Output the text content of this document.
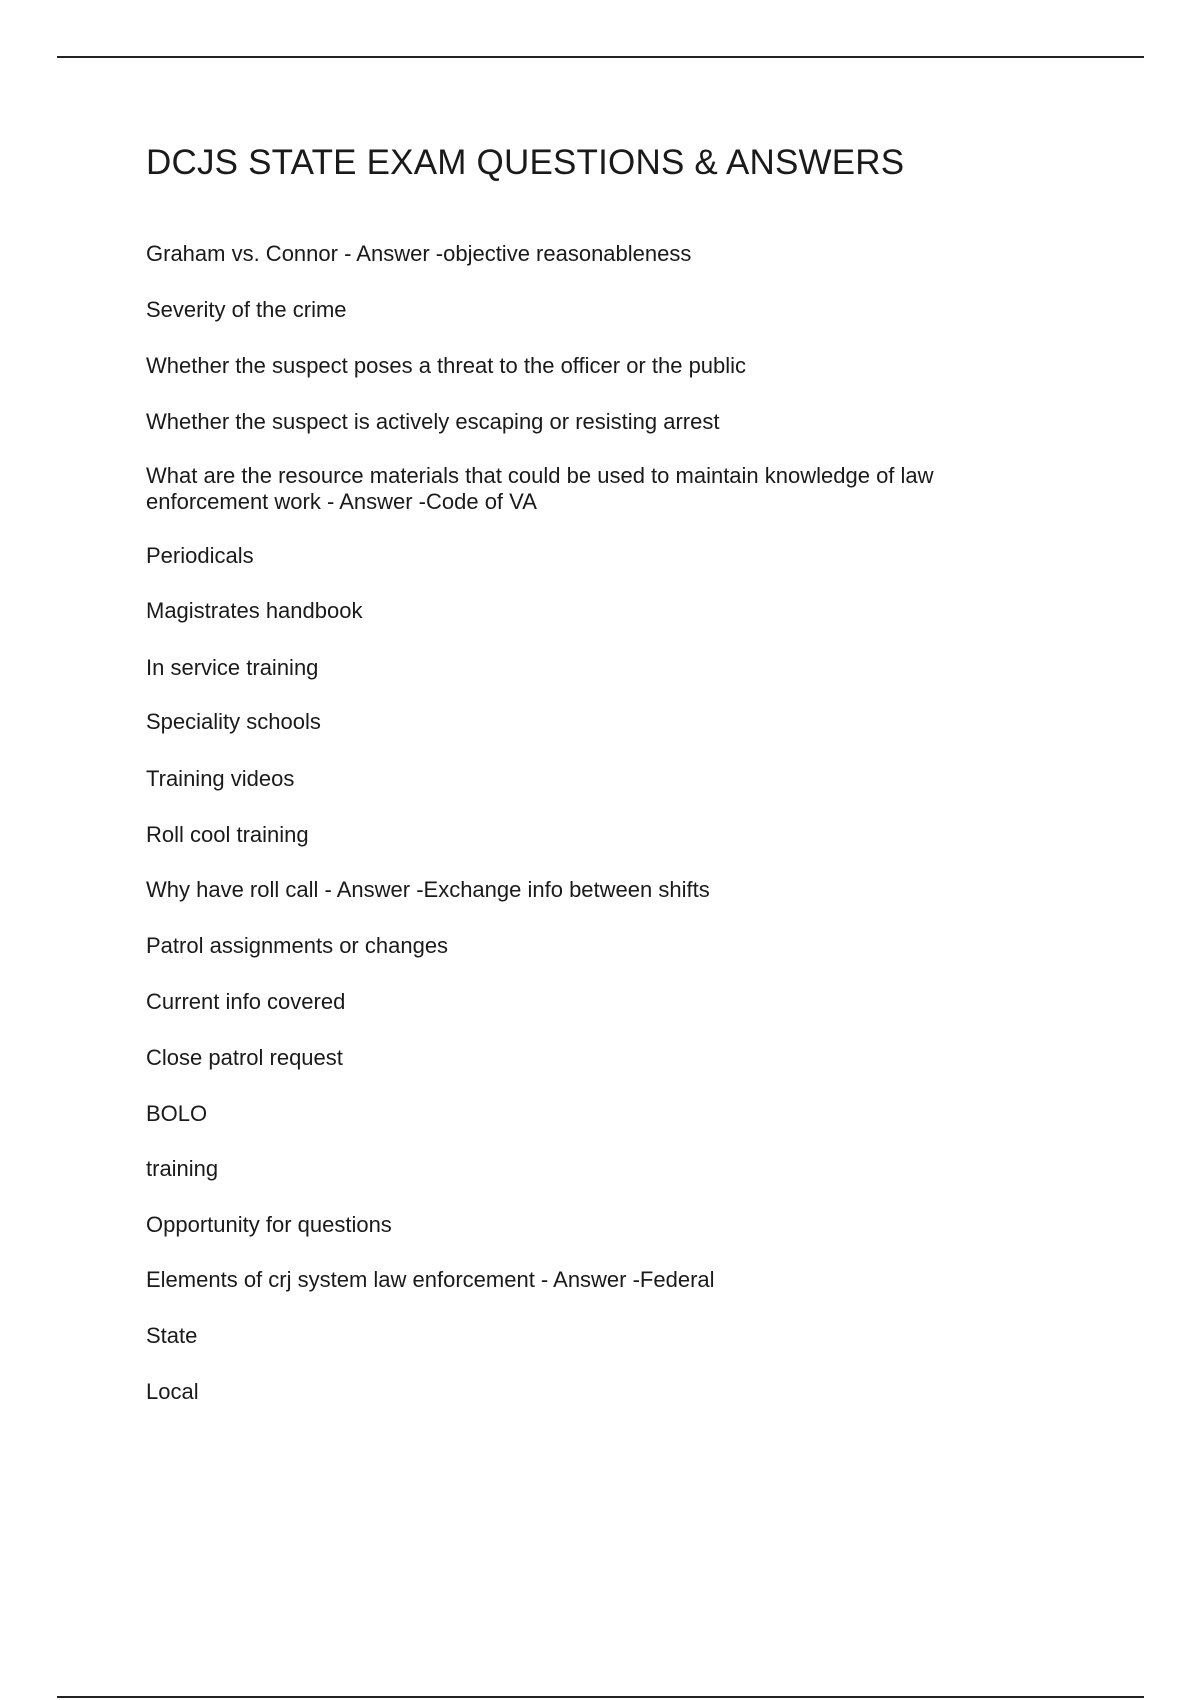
DCJS STATE EXAM QUESTIONS & ANSWERS

Graham vs. Connor - Answer -objective reasonableness

Severity of the crime

Whether the suspect poses a threat to the officer or the public

Whether the suspect is actively escaping or resisting arrest

What are the resource materials that could be used to maintain knowledge of law enforcement work - Answer -Code of VA

Periodicals

Magistrates handbook

In service training

Speciality schools

Training videos

Roll cool training

Why have roll call - Answer -Exchange info between shifts

Patrol assignments or changes

Current info covered

Close patrol request

BOLO

training

Opportunity for questions

Elements of crj system law enforcement - Answer -Federal

State

Local
